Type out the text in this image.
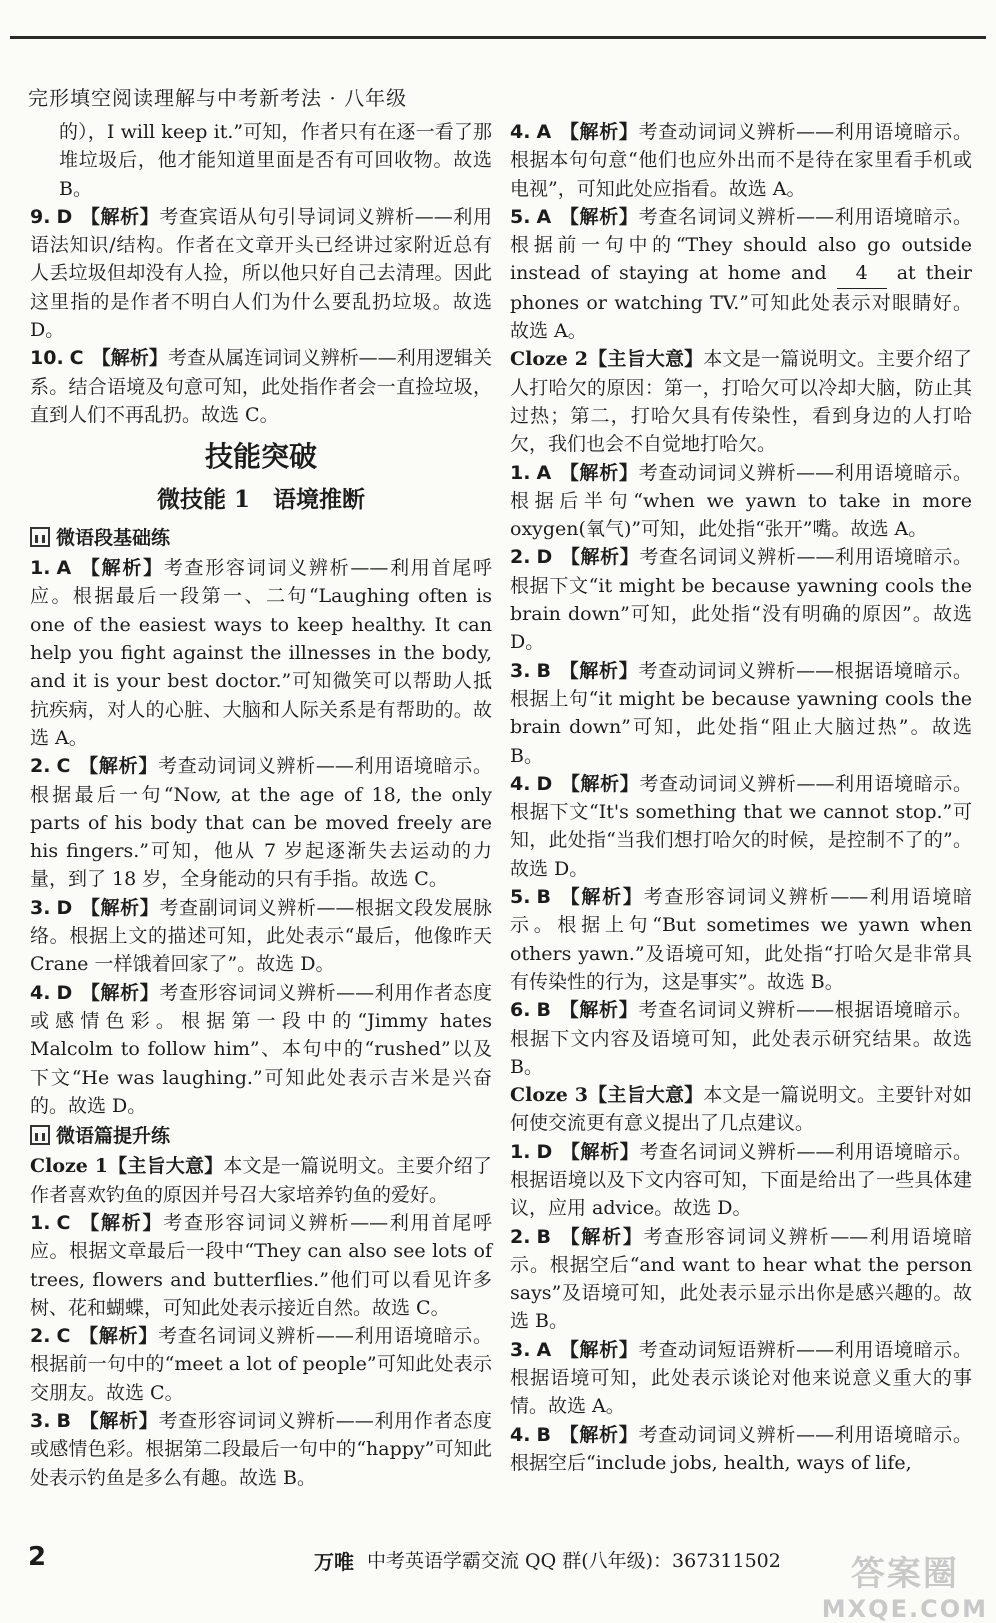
完形填空阅读理解与中考新考法 · 八年级

的），I will keep it.”可知，作者只有在逐一看了那堆垃圾后，他才能知道里面是否有可回收物。故选 B。

9. D 【解析】考查宾语从句引导词词义辨析——利用语法知识/结构。作者在文章开头已经讲过家附近总有人丢垃圾但却没有人捡，所以他只好自己去清理。因此这里指的是作者不明白人们为什么要乱扔垃圾。故选 D。

10. C 【解析】考查从属连词词义辨析——利用逻辑关系。结合语境及句意可知，此处指作者会一直捡垃圾，直到人们不再乱扔。故选 C。

技能突破
微技能 1　语境推断
微语段基础练

1. A 【解析】考查形容词词义辨析——利用首尾呼应。根据最后一段第一、二句“Laughing often is one of the easiest ways to keep healthy. It can help you fight against the illnesses in the body, and it is your best doctor.”可知微笑可以帮助人抵抗疾病，对人的心脏、大脑和人际关系是有帮助的。故选 A。

2. C 【解析】考查动词词义辨析——利用语境暗示。根据最后一句“Now, at the age of 18, the only parts of his body that can be moved freely are his fingers.”可知，他从 7 岁起逐渐失去运动的力量，到了 18 岁，全身能动的只有手指。故选 C。

3. D 【解析】考查副词词义辨析——根据文段发展脉络。根据上文的描述可知，此处表示“最后，他像昨天 Crane 一样饿着回家了”。故选 D。

4. D 【解析】考查形容词词义辨析——利用作者态度或感情色彩。根据第一段中的“Jimmy hates Malcolm to follow him”、本句中的“rushed”以及下文“He was laughing.”可知此处表示吉米是兴奋的。故选 D。

微语篇提升练

Cloze 1【主旨大意】本文是一篇说明文。主要介绍了作者喜欢钓鱼的原因并号召大家培养钓鱼的爱好。

1. C 【解析】考查形容词词义辨析——利用首尾呼应。根据文章最后一段中“They can also see lots of trees, flowers and butterflies.”他们可以看见许多树、花和蝴蝶，可知此处表示接近自然。故选 C。

2. C 【解析】考查名词词义辨析——利用语境暗示。根据前一句中的“meet a lot of people”可知此处表示交朋友。故选 C。

3. B 【解析】考查形容词词义辨析——利用作者态度或感情色彩。根据第二段最后一句中的“happy”可知此处表示钓鱼是多么有趣。故选 B。

4. A 【解析】考查动词词义辨析——利用语境暗示。根据本句句意“他们也应外出而不是待在家里看手机或电视”，可知此处应指看。故选 A。

5. A 【解析】考查名词词义辨析——利用语境暗示。根据前一句中的“They should also go outside instead of staying at home and 4 at their phones or watching TV.”可知此处表示对眼睛好。故选 A。

Cloze 2【主旨大意】本文是一篇说明文。主要介绍了人打哈欠的原因：第一，打哈欠可以冷却大脑，防止其过热；第二，打哈欠具有传染性，看到身边的人打哈欠，我们也会不自觉地打哈欠。

1. A 【解析】考查动词词义辨析——利用语境暗示。根据后半句“when we yawn to take in more oxygen(氧气)”可知，此处指“张开”嘴。故选 A。

2. D 【解析】考查名词词义辨析——利用语境暗示。根据下文“it might be because yawning cools the brain down”可知，此处指“没有明确的原因”。故选 D。

3. B 【解析】考查动词词义辨析——根据语境暗示。根据上句“it might be because yawning cools the brain down”可知，此处指“阻止大脑过热”。故选 B。

4. D 【解析】考查动词词义辨析——利用语境暗示。根据下文“It's something that we cannot stop.”可知，此处指“当我们想打哈欠的时候，是控制不了的”。故选 D。

5. B 【解析】考查形容词词义辨析——利用语境暗示。根据上句“But sometimes we yawn when others yawn.”及语境可知，此处指“打哈欠是非常具有传染性的行为，这是事实”。故选 B。

6. B 【解析】考查名词词义辨析——根据语境暗示。根据下文内容及语境可知，此处表示研究结果。故选 B。

Cloze 3【主旨大意】本文是一篇说明文。主要针对如何使交流更有意义提出了几点建议。

1. D 【解析】考查名词词义辨析——利用语境暗示。根据语境以及下文内容可知，下面是给出了一些具体建议，应用 advice。故选 D。

2. B 【解析】考查形容词词义辨析——利用语境暗示。根据空后“and want to hear what the person says”及语境可知，此处表示显示出你是感兴趣的。故选 B。

3. A 【解析】考查动词短语辨析——利用语境暗示。根据语境可知，此处表示谈论对他来说意义重大的事情。故选 A。

4. B 【解析】考查动词词义辨析——利用语境暗示。根据空后“include jobs, health, ways of life,

2	万唯 中考英语学霸交流 QQ 群(八年级)：367311502	答案圈
MXQE.COM
